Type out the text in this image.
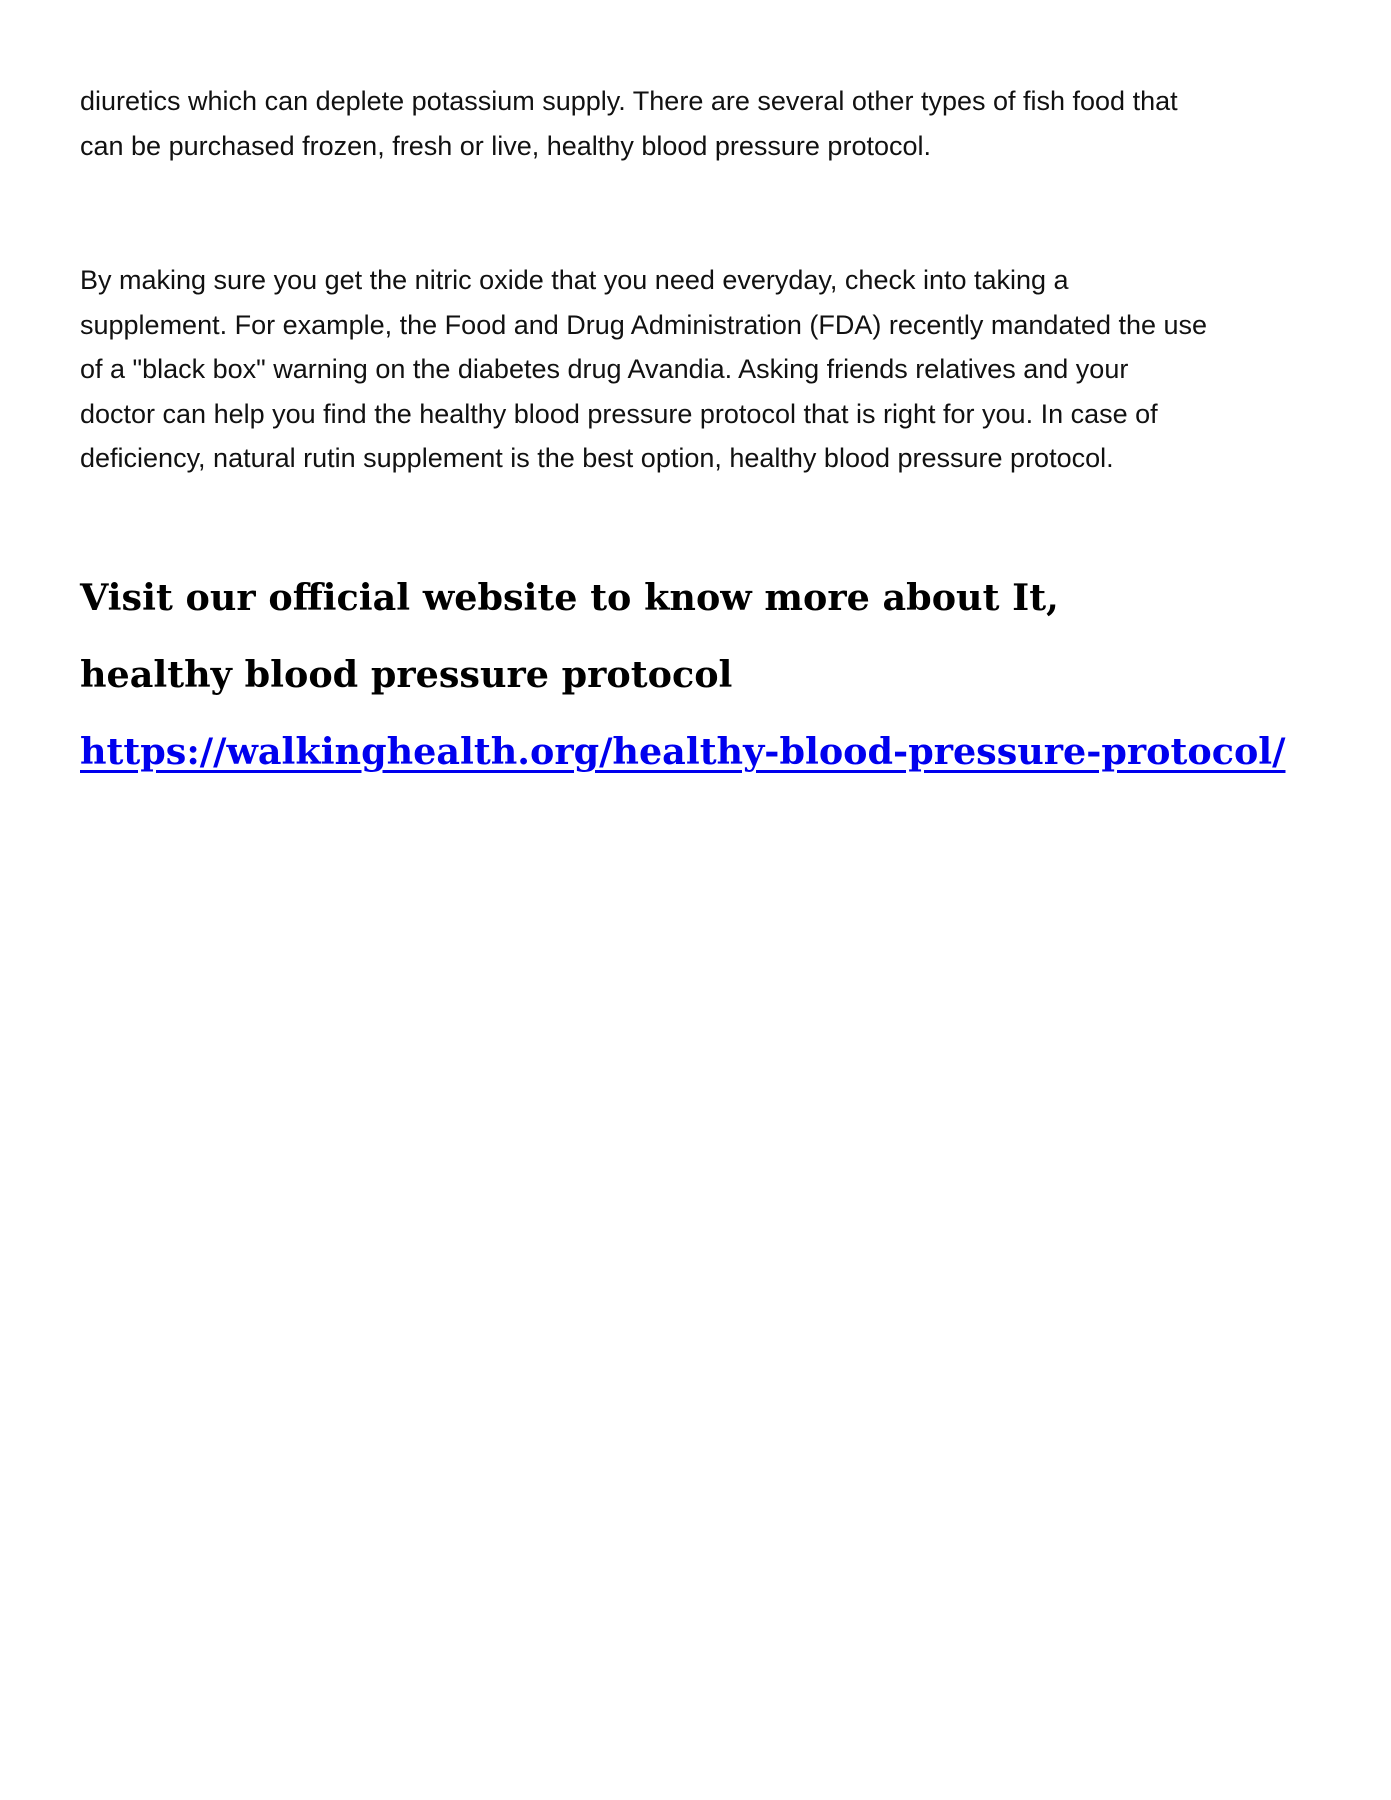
diuretics which can deplete potassium supply. There are several other types of fish food that
can be purchased frozen, fresh or live, healthy blood pressure protocol.

By making sure you get the nitric oxide that you need everyday, check into taking a
supplement. For example, the Food and Drug Administration (FDA) recently mandated the use
of a "black box" warning on the diabetes drug Avandia. Asking friends relatives and your
doctor can help you find the healthy blood pressure protocol that is right for you. In case of
deficiency, natural rutin supplement is the best option, healthy blood pressure protocol.

Visit our official website to know more about It,
healthy blood pressure protocol
https://walkinghealth.org/healthy-blood-pressure-protocol/
